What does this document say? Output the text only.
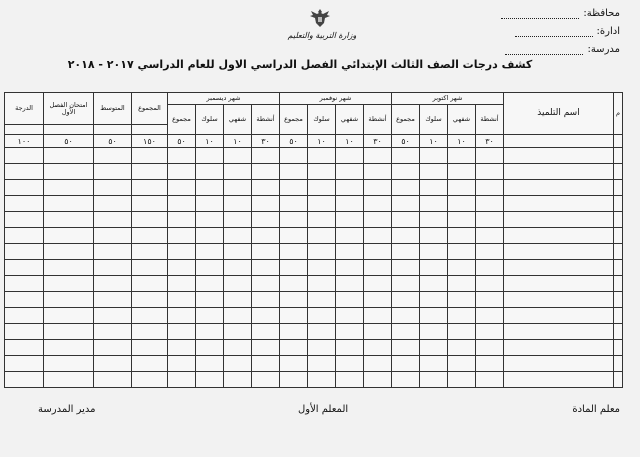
محافظة:
ادارة:
مدرسة:
وزارة التربية والتعليم
كشف درجات الصف الثالث الإبتدائي الفصل الدراسي الاول للعام الدراسي ٢٠١٧ - ٢٠١٨
م	اسم التلميذ	شهر اكتوبر				شهر نوفمبر				شهر ديسمبر				المجموع	المتوسط	امتحان الفصل الأول	الدرجة
		أنشطة	شفهي	سلوك	مجموع	أنشطة	شفهي	سلوك	مجموع	أنشطة	شفهي	سلوك	مجموع				

		٣٠	١٠	١٠	٥٠	٣٠	١٠	١٠	٥٠	٣٠	١٠	١٠	٥٠	١٥٠	٥٠	٥٠	١٠٠

معلم المادة
المعلم الأول
مدير المدرسة
